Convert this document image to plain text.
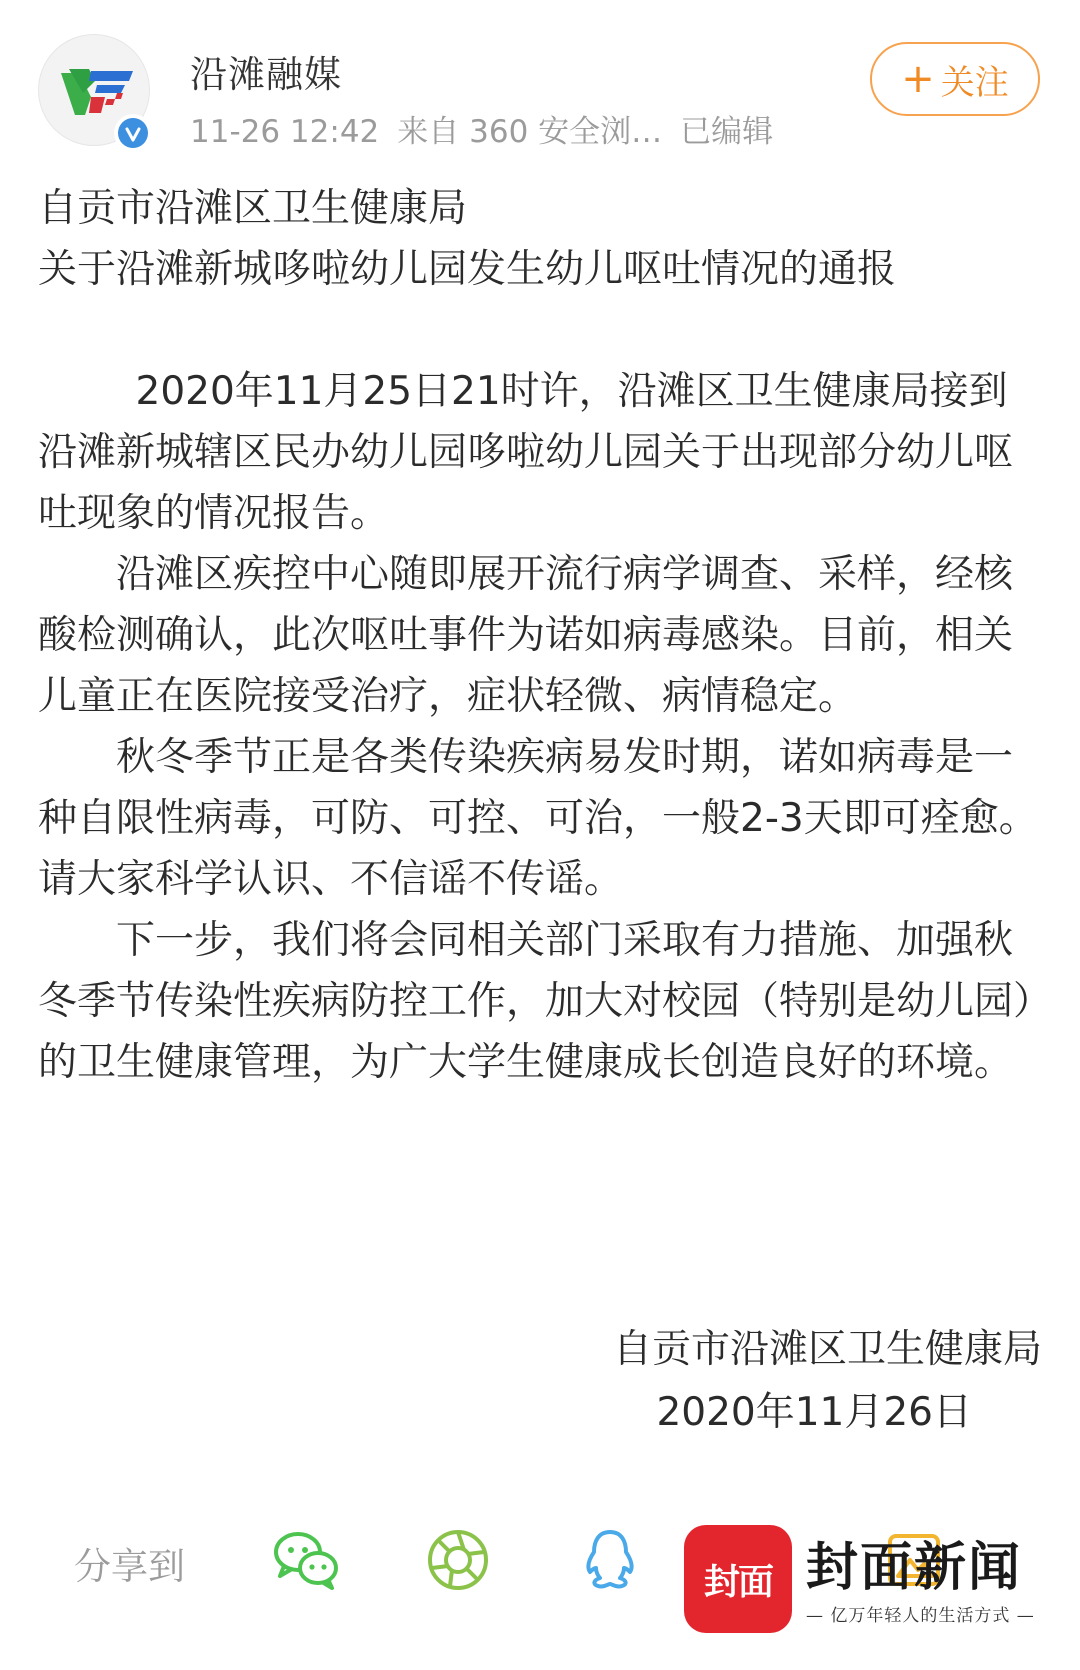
沿滩融媒
11-26 12:42 来自 360 安全浏… 已编辑
+ 关注
自贡市沿滩区卫生健康局
关于沿滩新城哆啦幼儿园发生幼儿呕吐情况的通报

2020年11月25日21时许，沿滩区卫生健康局接到沿滩新城辖区民办幼儿园哆啦幼儿园关于出现部分幼儿呕吐现象的情况报告。

沿滩区疾控中心随即展开流行病学调查、采样，经核酸检测确认，此次呕吐事件为诺如病毒感染。目前，相关儿童正在医院接受治疗，症状轻微、病情稳定。

秋冬季节正是各类传染疾病易发时期，诺如病毒是一种自限性病毒，可防、可控、可治，一般2-3天即可痊愈。请大家科学认识、不信谣不传谣。

下一步，我们将会同相关部门采取有力措施、加强秋冬季节传染性疾病防控工作，加大对校园（特别是幼儿园）的卫生健康管理，为广大学生健康成长创造良好的环境。

自贡市沿滩区卫生健康局
2020年11月26日
分享到	封面 封面新闻
— 亿万年轻人的生活方式 —
